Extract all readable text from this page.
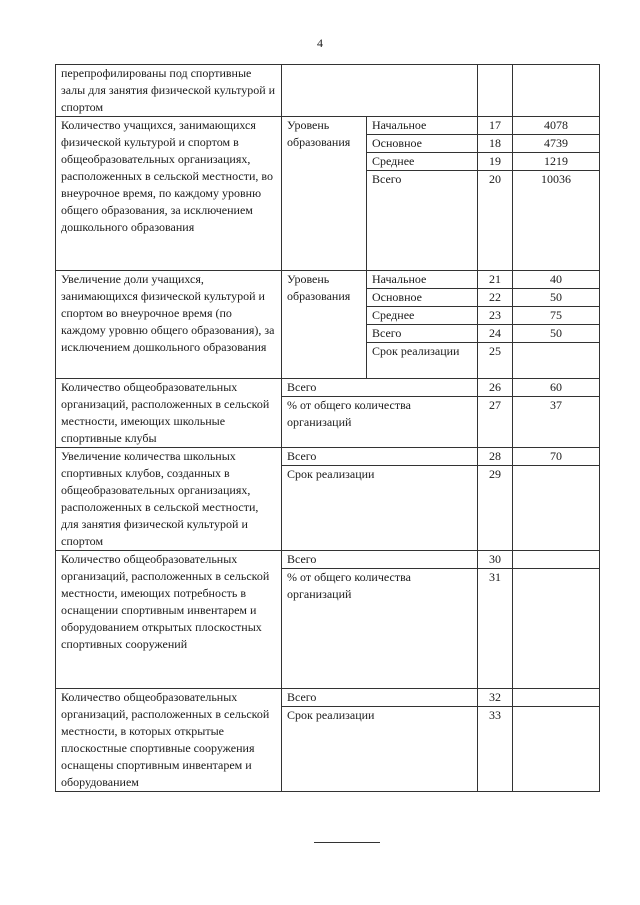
4
перепрофилированы под спортивные залы для занятия физической культурой и спортом				
Количество учащихся, занимающихся физической культурой и спортом в общеобразовательных организациях, расположенных в сельской местности, во внеурочное время, по каждому уровню общего образования, за исключением дошкольного образования	Уровень образования	Начальное	17	4078
		Основное	18	4739
		Среднее	19	1219
		Всего	20	10036
Увеличение доли учащихся, занимающихся физической культурой и спортом во внеурочное время (по каждому уровню общего образования), за исключением дошкольного образования	Уровень образования	Начальное	21	40
		Основное	22	50
		Среднее	23	75
		Всего	24	50
		Срок реализации	25	
Количество общеобразовательных организаций, расположенных в сельской местности, имеющих школьные спортивные клубы	Всего		26	60
	% от общего количества организаций		27	37
Увеличение количества школьных спортивных клубов, созданных в общеобразовательных организациях, расположенных в сельской местности, для занятия физической культурой и спортом	Всего		28	70
	Срок реализации		29	
Количество общеобразовательных организаций, расположенных в сельской местности, имеющих потребность в оснащении спортивным инвентарем и оборудованием открытых плоскостных спортивных сооружений	Всего		30	
	% от общего количества организаций		31	
Количество общеобразовательных организаций, расположенных в сельской местности, в которых открытые плоскостные спортивные сооружения оснащены спортивным инвентарем и оборудованием	Всего		32	
	Срок реализации		33	
